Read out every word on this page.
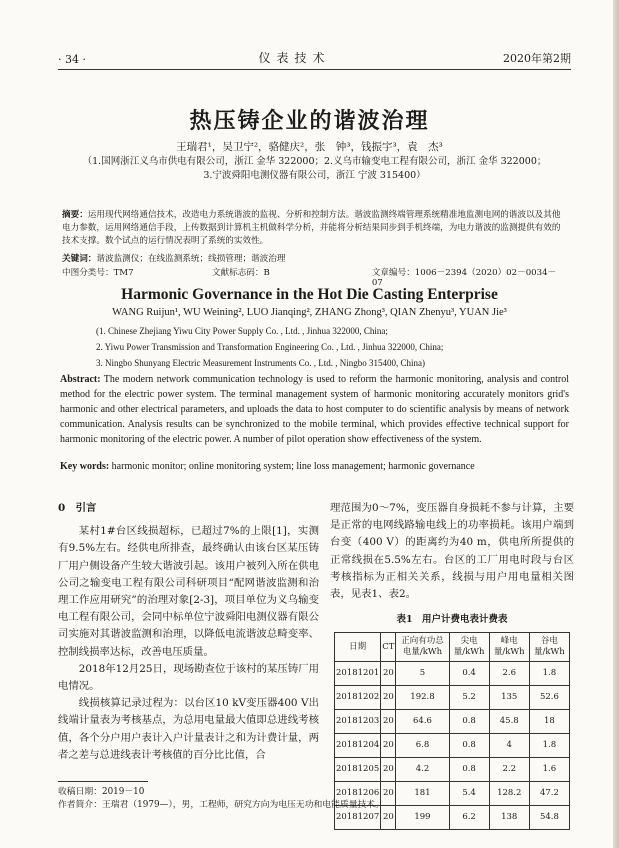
· 34 ·	仪表技术	2020年第2期
热压铸企业的谐波治理
王瑞君¹，吴卫宁²，骆健庆²，张　钟³，钱振宇³，袁　杰³
（1.国网浙江义乌市供电有限公司，浙江 金华 322000；2.义乌市输变电工程有限公司，浙江 金华 322000；
3.宁波舜阳电测仪器有限公司，浙江 宁波 315400）
摘要：运用现代网络通信技术，改造电力系统谐波的监视、分析和控制方法。谐波监测终端管理系统精准地监测电网的谐波以及其他电力参数，运用网络通信手段，上传数据到计算机主机做科学分析，并能将分析结果同步到手机终端，为电力谐波的监测提供有效的技术支撑。数个试点的运行情况表明了系统的实效性。
关键词：谐波监测仪；在线监测系统；线损管理；谐波治理
中图分类号：TM7	文献标志码：B	文章编号：1006－2394（2020）02－0034－07
Harmonic Governance in the Hot Die Casting Enterprise
WANG Ruijun¹, WU Weining², LUO Jianqing², ZHANG Zhong³, QIAN Zhenyu³, YUAN Jie³
(1. Chinese Zhejiang Yiwu City Power Supply Co. , Ltd. , Jinhua 322000, China;
2. Yiwu Power Transmission and Transformation Engineering Co. , Ltd. , Jinhua 322000, China;
3. Ningbo Shunyang Electric Measurement Instruments Co. , Ltd. , Ningbo 315400, China)
Abstract: The modern network communication technology is used to reform the harmonic monitoring, analysis and control method for the electric power system. The terminal management system of harmonic monitoring accurately monitors grid's harmonic and other electrical parameters, and uploads the data to host computer to do scientific analysis by means of network communication. Analysis results can be synchronized to the mobile terminal, which provides effective technical support for harmonic monitoring of the electric power. A number of pilot operation show effectiveness of the system.
Key words: harmonic monitor; online monitoring system; line loss management; harmonic governance

0　引言

某村1#台区线损超标，已超过7%的上限[1]，实测有9.5%左右。经供电所排查，最终确认由该台区某压铸厂用户侧设备产生较大谐波引起。该用户被列入所在供电公司之输变电工程有限公司科研项目“配网谐波监测和治理工作应用研究”的治理对象[2-3]，项目单位为义乌输变电工程有限公司，会同中标单位宁波舜阳电测仪器有限公司实施对其谐波监测和治理，以降低电流谐波总畸变率、控制线损率达标，改善电压质量。

2018年12月25日，现场勘查位于该村的某压铸厂用电情况。

线损核算记录过程为：以台区10 kV变压器400 V出线端计量表为考核基点，为总用电量最大值即总进线考核值，各个分户用户表计入户计量表计之和为计费计量，两者之差与总进线表计考核值的百分比比值，合

理范围为0～7%，变压器自身损耗不参与计算，主要是正常的电网线路输电线上的功率损耗。该用户端到台变（400 V）的距离约为40 m，供电所所提供的正常线损在5.5%左右。台区的工厂用电时段与台区考核指标为正相关关系，线损与用户用电量相关图表，见表1、表2。

表1　用户计费电表计费表
日期	CT	正向有功总电量/kWh	尖电量/kWh	峰电量/kWh	谷电量/kWh
20181201	20	5	0.4	2.6	1.8
20181202	20	192.8	5.2	135	52.6
20181203	20	64.6	0.8	45.8	18
20181204	20	6.8	0.8	4	1.8
20181205	20	4.2	0.8	2.2	1.6
20181206	20	181	5.4	128.2	47.2
20181207	20	199	6.2	138	54.8
收稿日期：2019－10
作者简介：王瑞君（1979—），男，工程师，研究方向为电压无功和电能质量技术。
